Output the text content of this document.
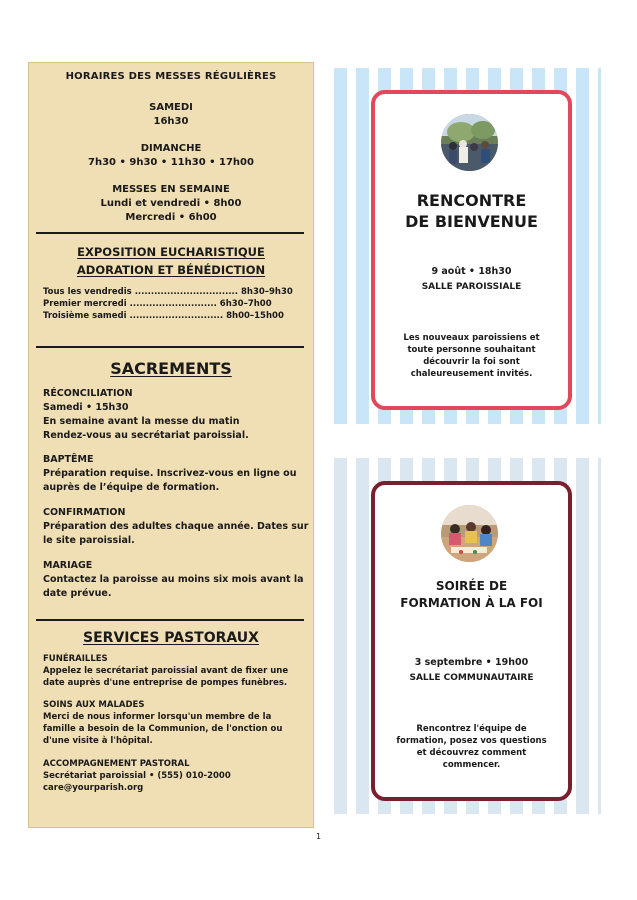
HORAIRES DES MESSES RÉGULIÈRES
SAMEDI
16h30
DIMANCHE
7h30 • 9h30 • 11h30 • 17h00
MESSES EN SEMAINE
Lundi et vendredi • 8h00
Mercredi • 6h00
EXPOSITION EUCHARISTIQUE
ADORATION ET BÉNÉDICTION
Tous les vendredis ................................ 8h30–9h30
Premier mercredi ........................... 6h30–7h00
Troisième samedi ............................. 8h00–15h00
SACREMENTS
RÉCONCILIATION
Samedi • 15h30
En semaine avant la messe du matin
Rendez-vous au secrétariat paroissial.
BAPTÊME
Préparation requise. Inscrivez-vous en ligne ou
auprès de l’équipe de formation.
CONFIRMATION
Préparation des adultes chaque année. Dates sur
le site paroissial.
MARIAGE
Contactez la paroisse au moins six mois avant la
date prévue.
SERVICES PASTORAUX
FUNÉRAILLES
Appelez le secrétariat paroissial avant de fixer une
date auprès d'une entreprise de pompes funèbres.
SOINS AUX MALADES
Merci de nous informer lorsqu'un membre de la
famille a besoin de la Communion, de l'onction ou
d'une visite à l'hôpital.
ACCOMPAGNEMENT PASTORAL
Secrétariat paroissial • (555) 010-2000
care@yourparish.org
RENCONTRE
DE BIENVENUE
9 août • 18h30
SALLE PAROISSIALE
Les nouveaux paroissiens et
toute personne souhaitant
découvrir la foi sont
chaleureusement invités.
SOIRÉE DE
FORMATION À LA FOI
3 septembre • 19h00
SALLE COMMUNAUTAIRE
Rencontrez l'équipe de
formation, posez vos questions
et découvrez comment
commencer.
1
